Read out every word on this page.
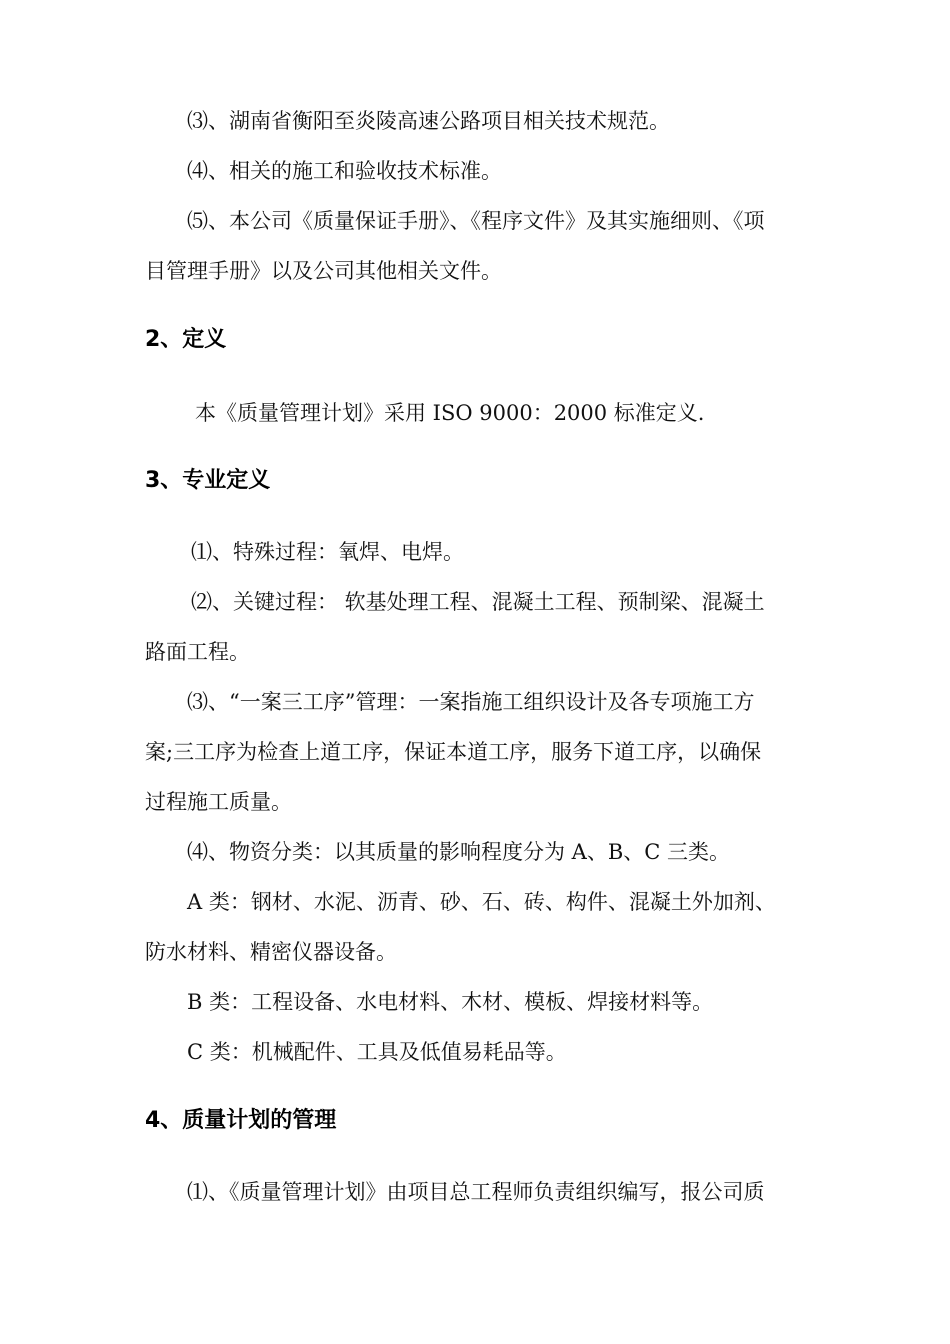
⑶、湖南省衡阳至炎陵高速公路项目相关技术规范。

⑷、相关的施工和验收技术标准。

⑸、本公司《质量保证手册》、《程序文件》及其实施细则、《项

目管理手册》以及公司其他相关文件。

2、定义

本《质量管理计划》采用 ISO 9000：2000 标准定义.

3、专业定义

⑴、特殊过程：氧焊、电焊。

⑵、关键过程： 软基处理工程、混凝土工程、预制梁、混凝土

路面工程。

⑶、“一案三工序”管理：一案指施工组织设计及各专项施工方

案;三工序为检查上道工序，保证本道工序，服务下道工序，以确保

过程施工质量。

⑷、物资分类：以其质量的影响程度分为 A、B、C 三类。

A 类：钢材、水泥、沥青、砂、石、砖、构件、混凝土外加剂、

防水材料、精密仪器设备。

B 类：工程设备、水电材料、木材、模板、焊接材料等。

C 类：机械配件、工具及低值易耗品等。

4、质量计划的管理

⑴、《质量管理计划》由项目总工程师负责组织编写，报公司质
